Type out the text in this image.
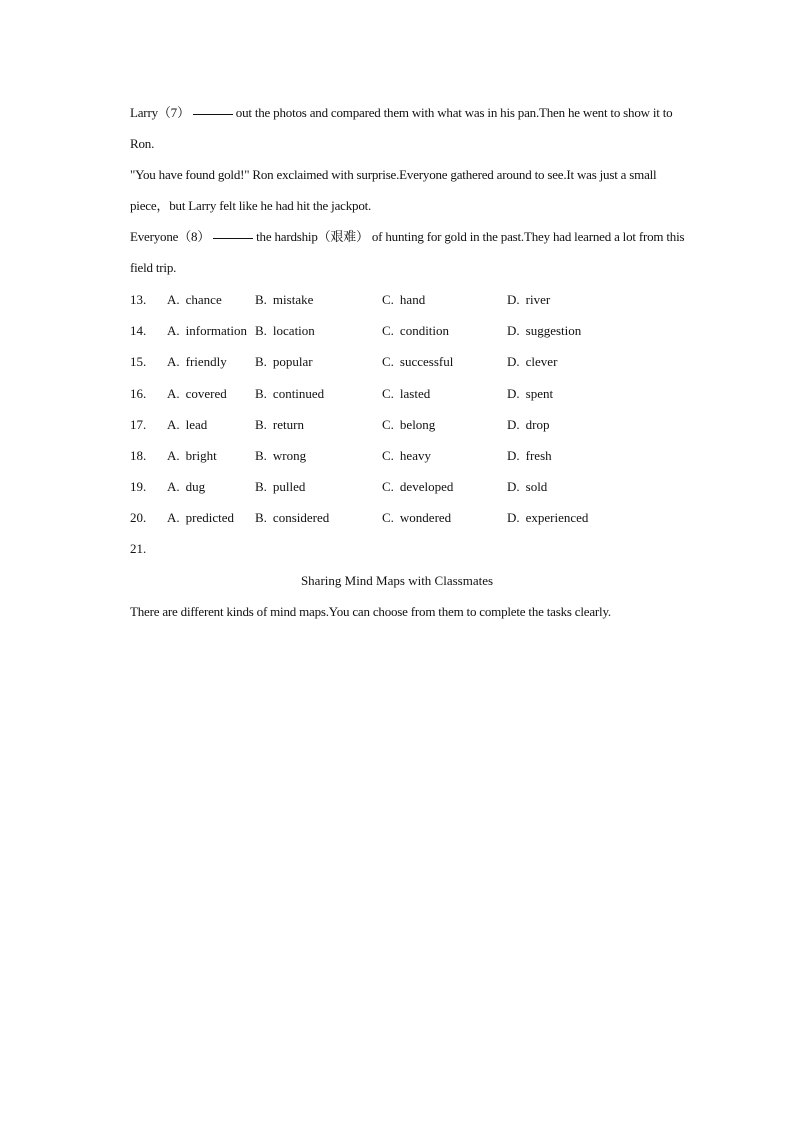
Larry（7）	out the photos and compared them with what was in his pan.Then he went to show it to Ron.
"You have found gold!" Ron exclaimed with surprise.Everyone gathered around to see.It was just a small piece，but Larry felt like he had hit the jackpot.
Everyone（8）	the hardship（艰难） of hunting for gold in the past.They had learned a lot from this field trip.
13. A. chance	B. mistake	C. hand	D. river
14. A. information B. location	C. condition	D. suggestion
15. A. friendly B. popular	C. successful	D. clever
16. A. covered B. continued	C. lasted	D. spent
17. A. lead	B. return	C. belong	D. drop
18. A. bright	B. wrong	C. heavy	D. fresh
19. A. dug	B. pulled	C. developed	D. sold
20. A. predicted B. considered	C. wondered	D. experienced
21.
Sharing Mind Maps with Classmates
There are different kinds of mind maps.You can choose from them to complete the tasks clearly.
